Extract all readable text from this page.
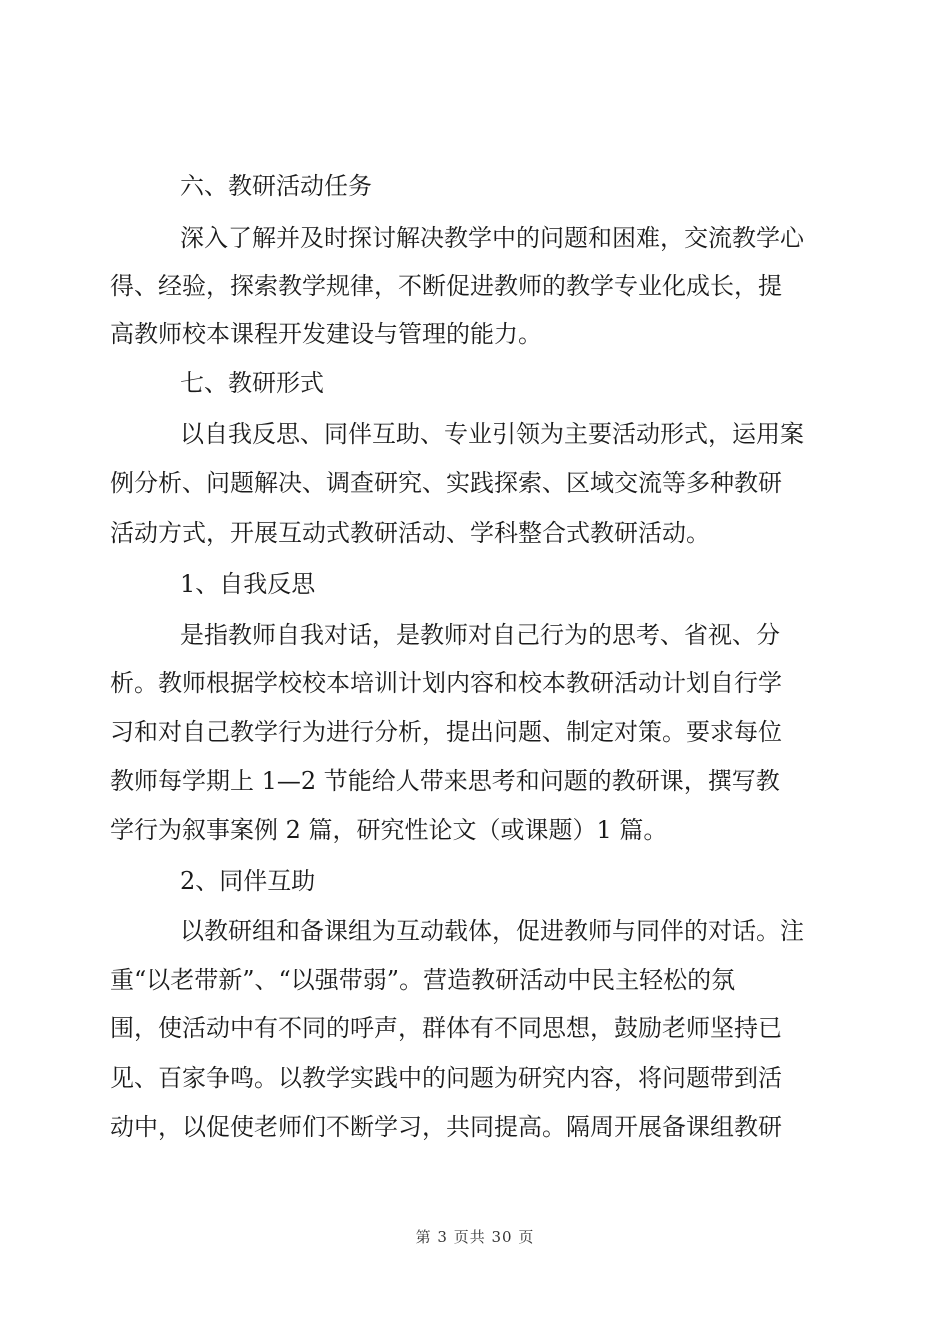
六、教研活动任务
深入了解并及时探讨解决教学中的问题和困难，交流教学心
得、经验，探索教学规律，不断促进教师的教学专业化成长，提
高教师校本课程开发建设与管理的能力。
七、教研形式
以自我反思、同伴互助、专业引领为主要活动形式，运用案
例分析、问题解决、调查研究、实践探索、区域交流等多种教研
活动方式，开展互动式教研活动、学科整合式教研活动。
1、自我反思
是指教师自我对话，是教师对自己行为的思考、省视、分
析。教师根据学校校本培训计划内容和校本教研活动计划自行学
习和对自己教学行为进行分析，提出问题、制定对策。要求每位
教师每学期上 1—2 节能给人带来思考和问题的教研课，撰写教
学行为叙事案例 2 篇，研究性论文（或课题）1 篇。
2、同伴互助
以教研组和备课组为互动载体，促进教师与同伴的对话。注
重“以老带新”、“以强带弱”。营造教研活动中民主轻松的氛
围，使活动中有不同的呼声，群体有不同思想，鼓励老师坚持已
见、百家争鸣。以教学实践中的问题为研究内容，将问题带到活
动中，以促使老师们不断学习，共同提高。隔周开展备课组教研
第 3 页共 30 页
